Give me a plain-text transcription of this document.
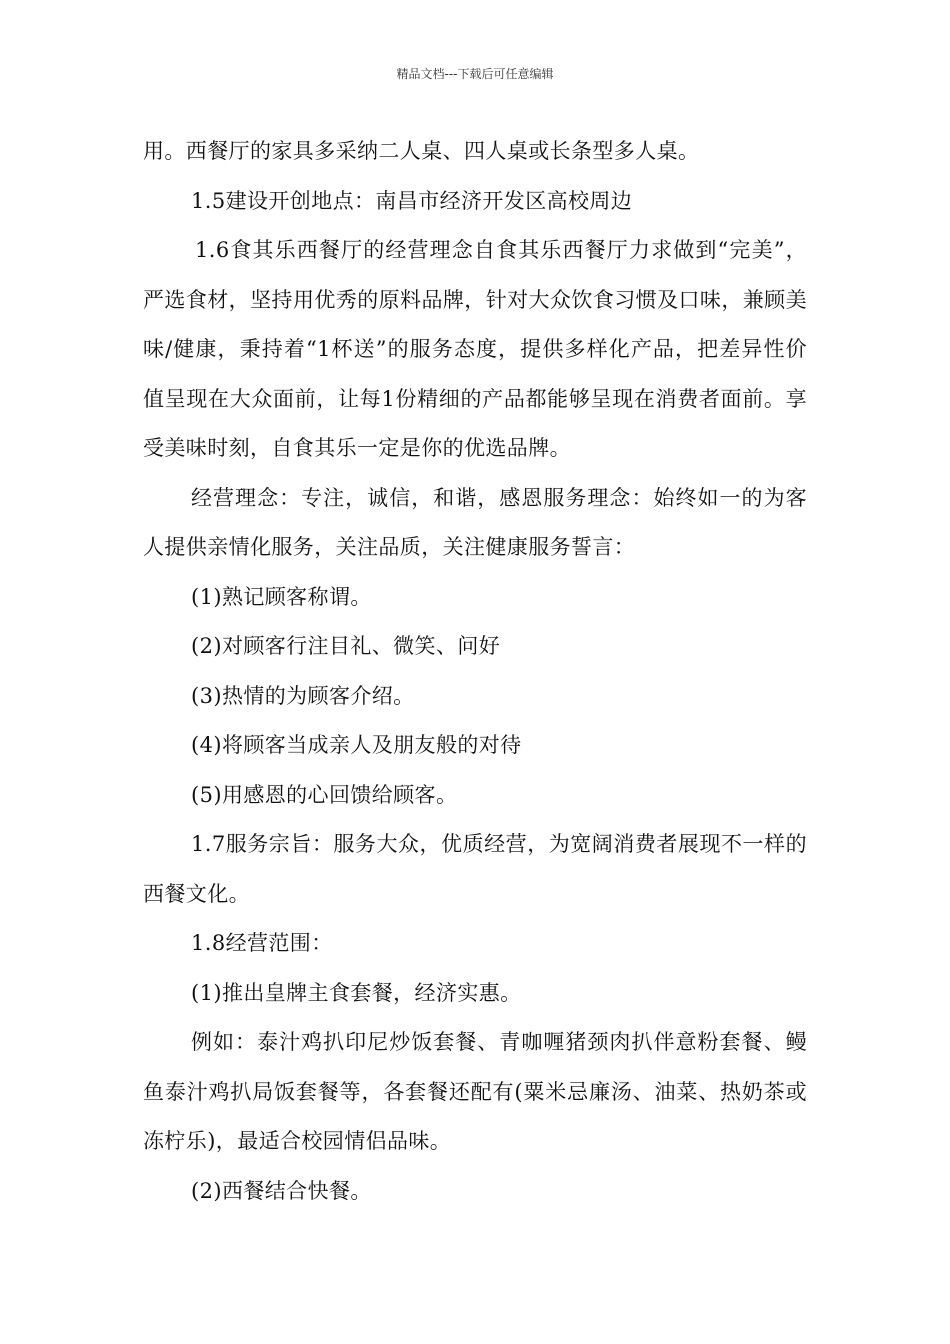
精品文档---下载后可任意编辑

用。西餐厅的家具多采纳二人桌、四人桌或长条型多人桌。

1.5建设开创地点：南昌市经济开发区高校周边

1.6食其乐西餐厅的经营理念自食其乐西餐厅力求做到“完美”，严选食材，坚持用优秀的原料品牌，针对大众饮食习惯及口味，兼顾美味/健康，秉持着“1杯送”的服务态度，提供多样化产品，把差异性价值呈现在大众面前，让每1份精细的产品都能够呈现在消费者面前。享受美味时刻，自食其乐一定是你的优选品牌。

经营理念：专注，诚信，和谐，感恩服务理念：始终如一的为客人提供亲情化服务，关注品质，关注健康服务誓言：

(1)熟记顾客称谓。

(2)对顾客行注目礼、微笑、问好

(3)热情的为顾客介绍。

(4)将顾客当成亲人及朋友般的对待

(5)用感恩的心回馈给顾客。

1.7服务宗旨：服务大众，优质经营，为宽阔消费者展现不一样的西餐文化。

1.8经营范围：

(1)推出皇牌主食套餐，经济实惠。

例如：泰汁鸡扒印尼炒饭套餐、青咖喱猪颈肉扒伴意粉套餐、鳗鱼泰汁鸡扒局饭套餐等，各套餐还配有(粟米忌廉汤、油菜、热奶茶或冻柠乐)，最适合校园情侣品味。

(2)西餐结合快餐。
